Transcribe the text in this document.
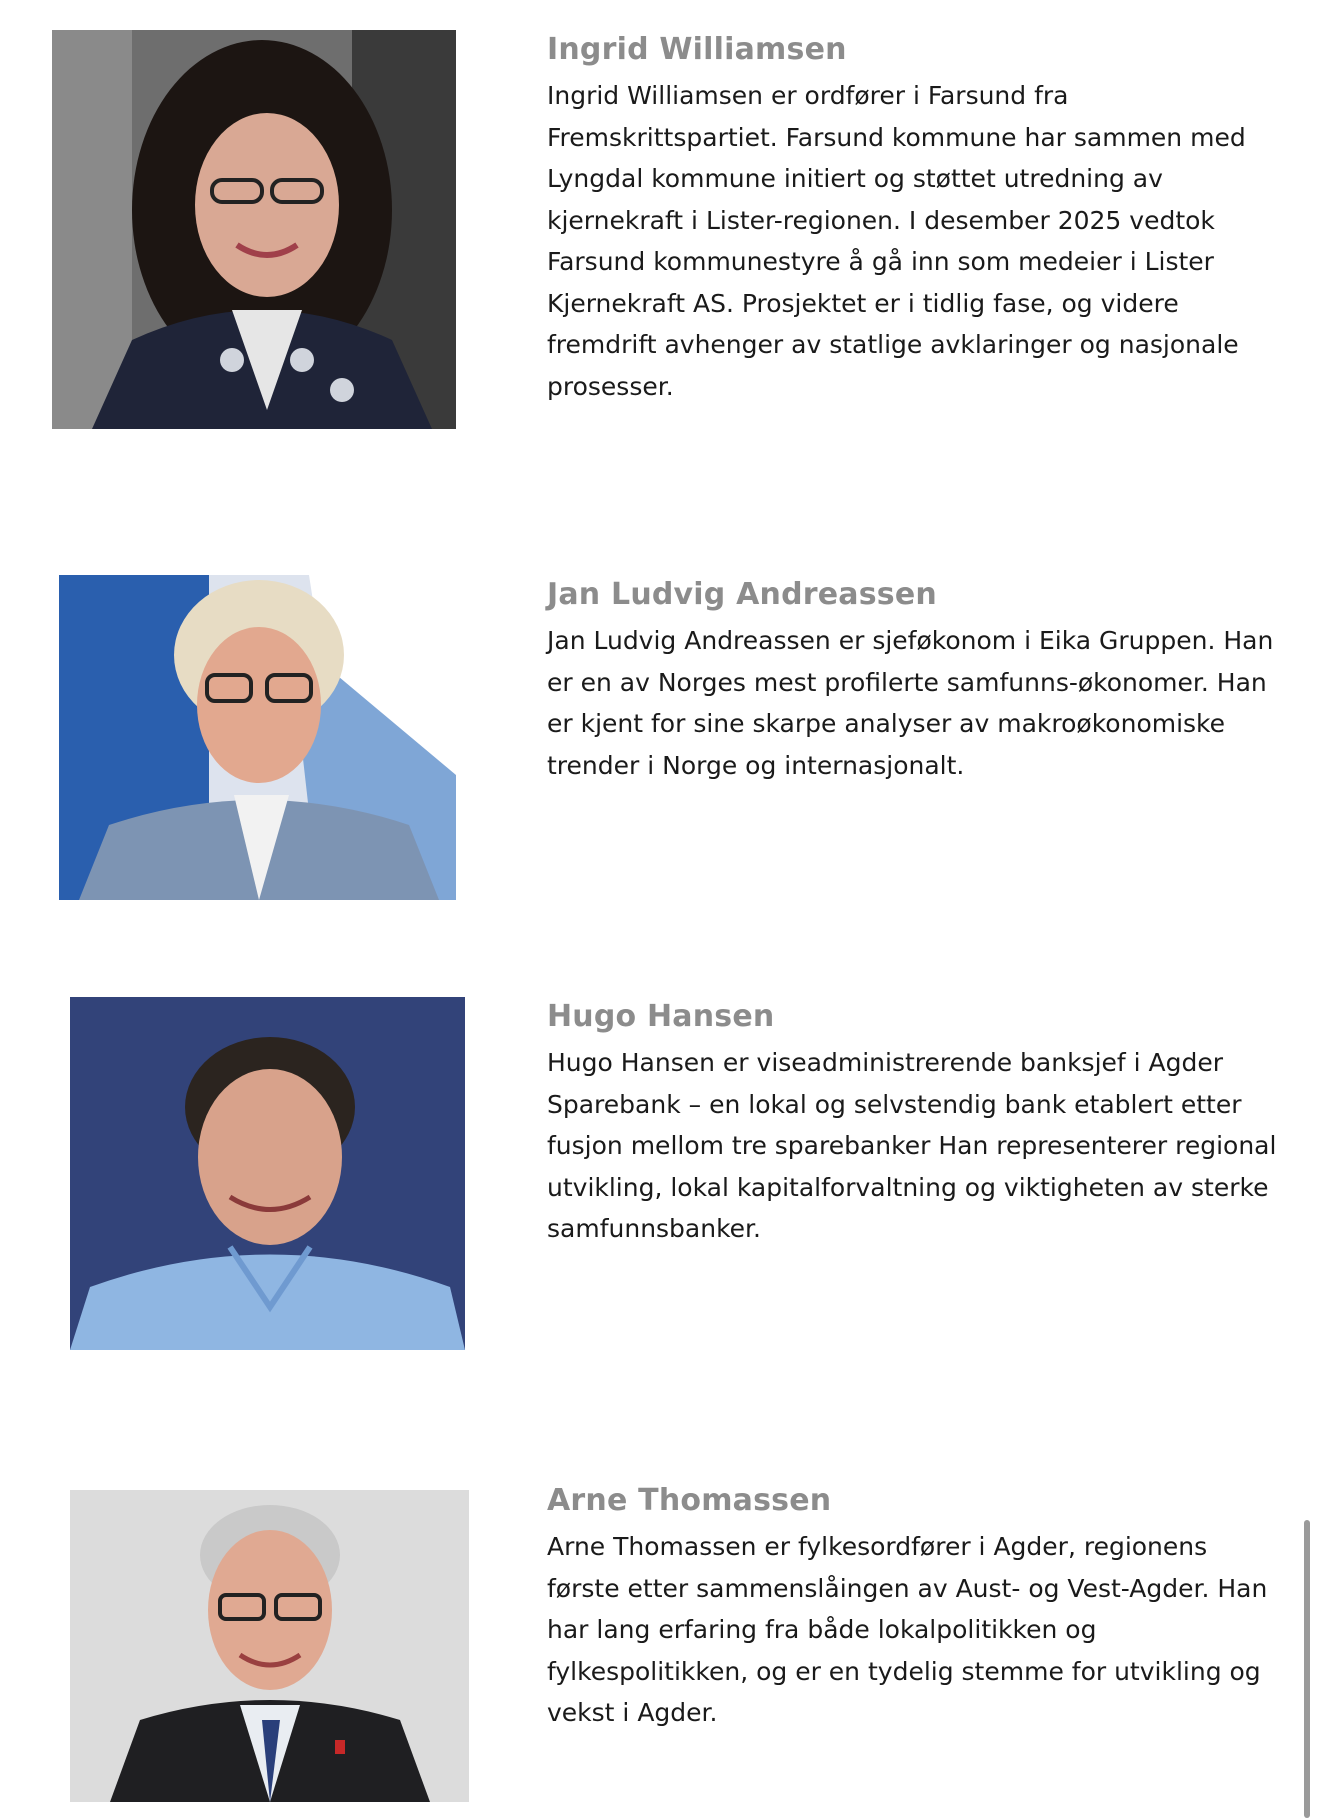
Ingrid Williamsen

Ingrid Williamsen er ordfører i Farsund fra Fremskrittspartiet. Farsund kommune har sammen med Lyngdal kommune initiert og støttet utredning av kjernekraft i Lister-regionen. I desember 2025 vedtok Farsund kommunestyre å gå inn som medeier i Lister Kjernekraft AS. Prosjektet er i tidlig fase, og videre fremdrift avhenger av statlige avklaringer og nasjonale prosesser.

Jan Ludvig Andreassen

Jan Ludvig Andreassen er sjeføkonom i Eika Gruppen. Han er en av Norges mest profilerte samfunns-økonomer. Han er kjent for sine skarpe analyser av makroøkonomiske trender i Norge og internasjonalt.

Hugo Hansen

Hugo Hansen er viseadministrerende banksjef i Agder Sparebank – en lokal og selvstendig bank etablert etter fusjon mellom tre sparebanker Han representerer regional utvikling, lokal kapitalforvaltning og viktigheten av sterke samfunnsbanker.

Arne Thomassen

Arne Thomassen er fylkesordfører i Agder, regionens første etter sammenslåingen av Aust- og Vest-Agder. Han har lang erfaring fra både lokalpolitikken og fylkespolitikken, og er en tydelig stemme for utvikling og vekst i Agder.
